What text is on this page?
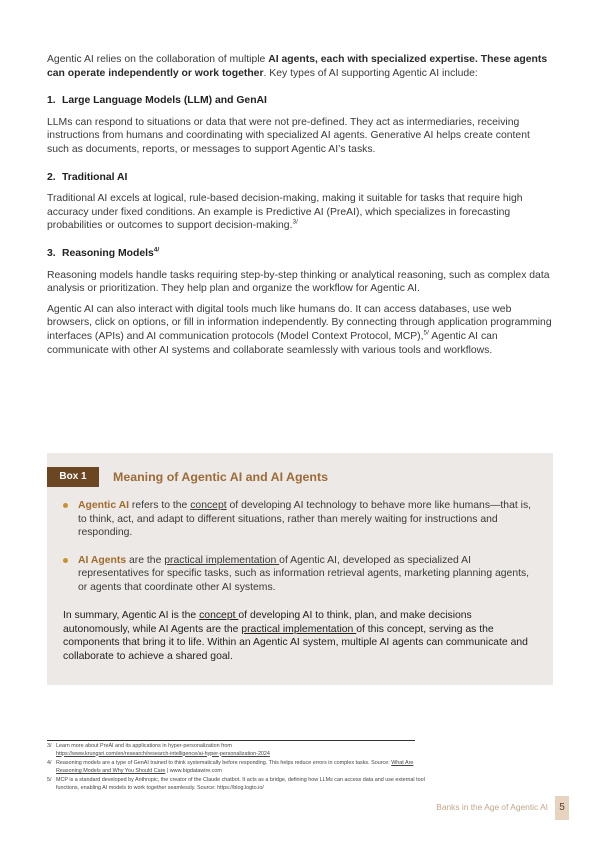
Agentic AI relies on the collaboration of multiple AI agents, each with specialized expertise. These agents can operate independently or work together. Key types of AI supporting Agentic AI include:

1. Large Language Models (LLM) and GenAI

LLMs can respond to situations or data that were not pre-defined. They act as intermediaries, receiving instructions from humans and coordinating with specialized AI agents. Generative AI helps create content such as documents, reports, or messages to support Agentic AI’s tasks.

2. Traditional AI

Traditional AI excels at logical, rule-based decision-making, making it suitable for tasks that require high accuracy under fixed conditions. An example is Predictive AI (PreAI), which specializes in forecasting probabilities or outcomes to support decision-making.$^{3/}$

3. Reasoning Models$^{4/}$

Reasoning models handle tasks requiring step-by-step thinking or analytical reasoning, such as complex data analysis or prioritization. They help plan and organize the workflow for Agentic AI.

Agentic AI can also interact with digital tools much like humans do. It can access databases, use web browsers, click on options, or fill in information independently. By connecting through application programming interfaces (APIs) and AI communication protocols (Model Context Protocol, MCP),$^{5/}$ Agentic AI can communicate with other AI systems and collaborate seamlessly with various tools and workflows.

Box 1	Meaning of Agentic AI and AI Agents
Agentic AI refers to the concept of developing AI technology to behave more like humans—that is, to think, act, and adapt to different situations, rather than merely waiting for instructions and responding.
AI Agents are the practical implementation of Agentic AI, developed as specialized AI representatives for specific tasks, such as information retrieval agents, marketing planning agents, or agents that coordinate other AI systems.

In summary, Agentic AI is the concept of developing AI to think, plan, and make decisions autonomously, while AI Agents are the practical implementation of this concept, serving as the components that bring it to life. Within an Agentic AI system, multiple AI agents can communicate and collaborate to achieve a shared goal.

3/ Learn more about PreAI and its applications in hyper-personalization from
https://www.krungsri.com/en/research/research-intelligence/ai-hyper-personalization-2024
4/ Reasoning models are a type of GenAI trained to think systematically before responding. This helps reduce errors in complex tasks. Source: What Are Reasoning Models and Why You Should Care | www.bigdatawire.com
5/ MCP is a standard developed by Anthropic, the creator of the Claude chatbot. It acts as a bridge, defining how LLMs can access data and use external tool functions, enabling AI models to work together seamlessly. Source: https://blog.logto.io/
Banks in the Age of Agentic AI	5
